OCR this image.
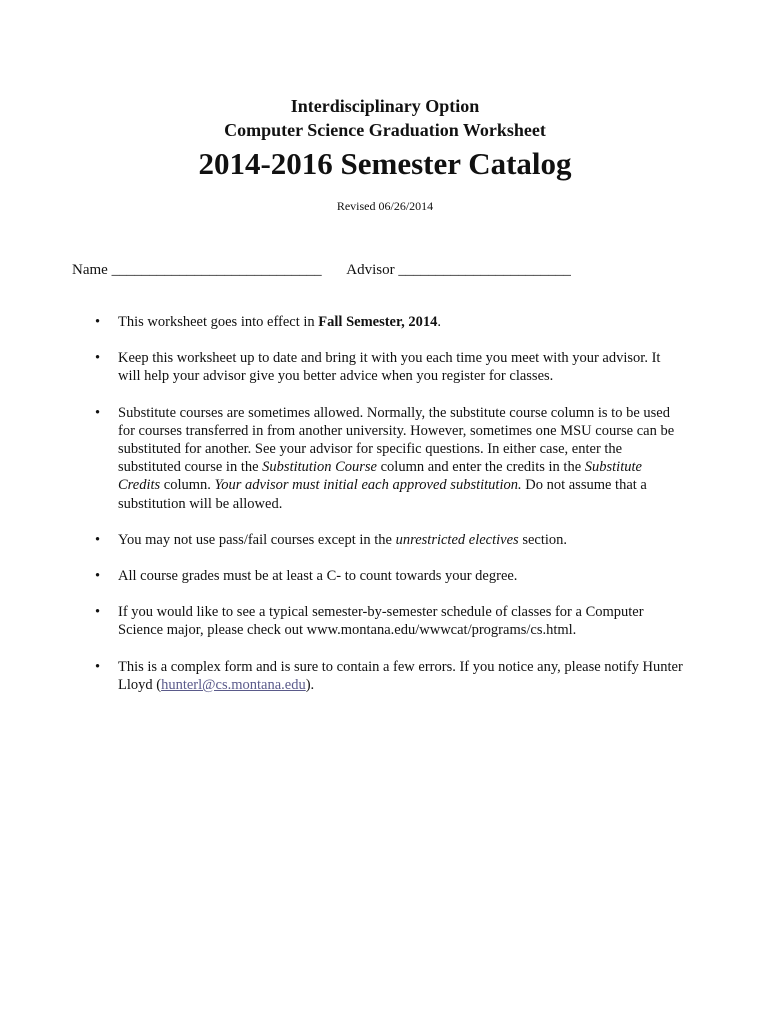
Interdisciplinary Option
Computer Science Graduation Worksheet
2014-2016 Semester Catalog
Revised 06/26/2014
Name ____________________________ Advisor _______________________
• This worksheet goes into effect in Fall Semester, 2014.
• Keep this worksheet up to date and bring it with you each time you meet with your advisor. It will help your advisor give you better advice when you register for classes.
• Substitute courses are sometimes allowed. Normally, the substitute course column is to be used for courses transferred in from another university. However, sometimes one MSU course can be substituted for another. See your advisor for specific questions. In either case, enter the substituted course in the Substitution Course column and enter the credits in the Substitute Credits column. Your advisor must initial each approved substitution. Do not assume that a substitution will be allowed.
• You may not use pass/fail courses except in the unrestricted electives section.
• All course grades must be at least a C- to count towards your degree.
• If you would like to see a typical semester-by-semester schedule of classes for a Computer Science major, please check out www.montana.edu/wwwcat/programs/cs.html.
• This is a complex form and is sure to contain a few errors. If you notice any, please notify Hunter Lloyd (hunterl@cs.montana.edu).
